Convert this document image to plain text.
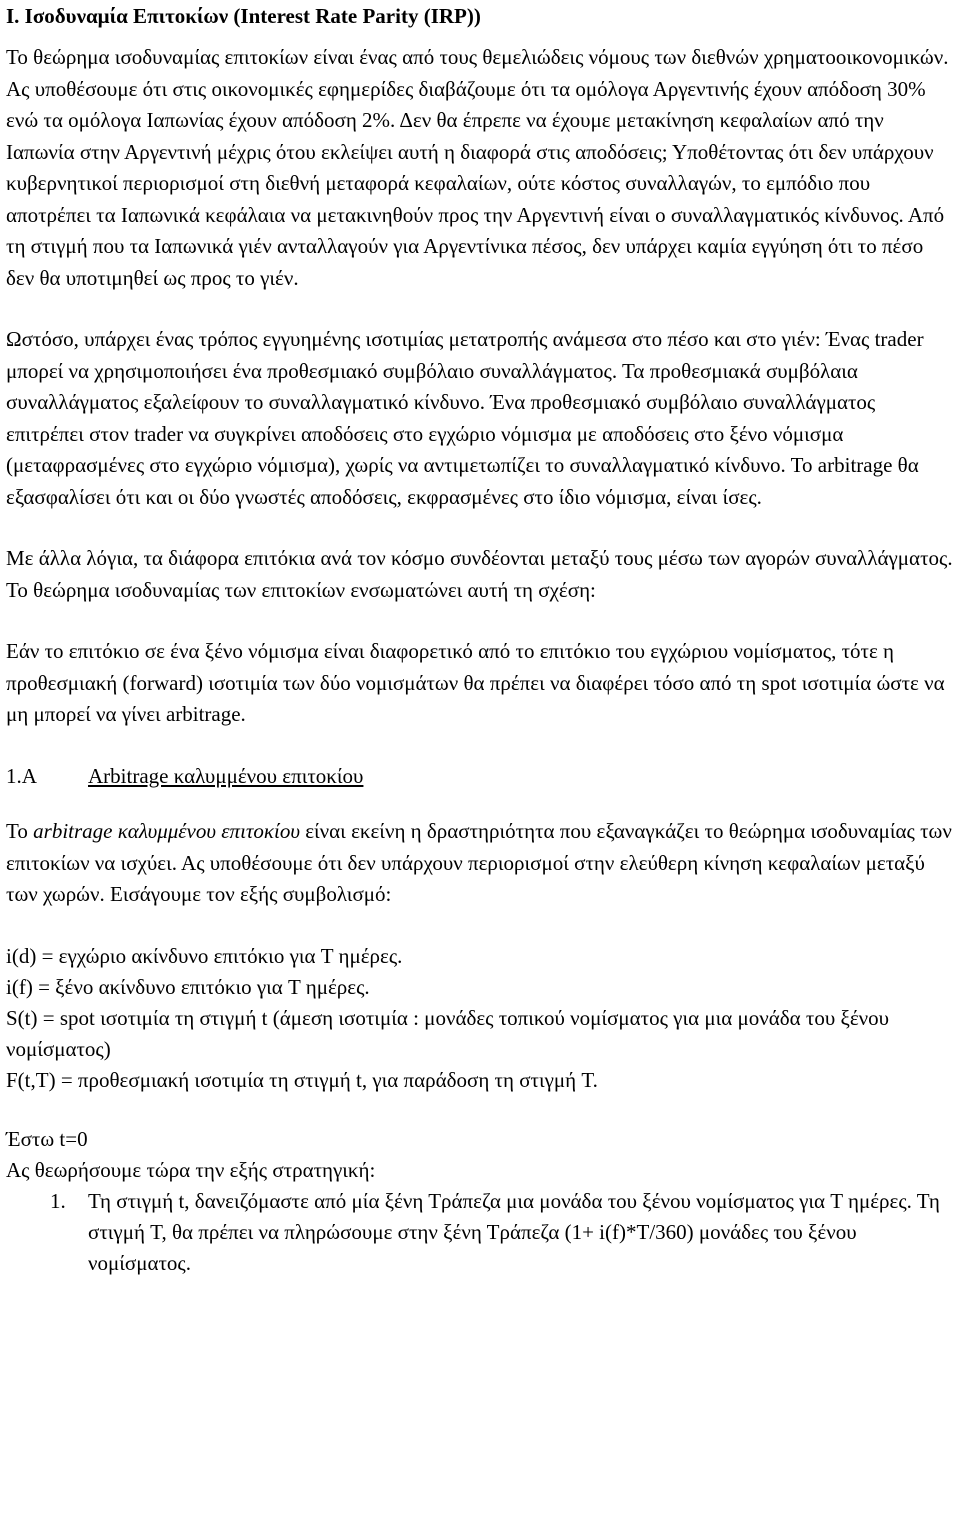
I. Ισοδυναμία Επιτοκίων (Interest Rate Parity (IRP))

Το θεώρημα ισοδυναμίας επιτοκίων είναι ένας από τους θεμελιώδεις νόμους των διεθνών χρηματοοικονομικών. Ας υποθέσουμε ότι στις οικονομικές εφημερίδες διαβάζουμε ότι τα ομόλογα Αργεντινής έχουν απόδοση 30% ενώ τα ομόλογα Ιαπωνίας έχουν απόδοση 2%. Δεν θα έπρεπε να έχουμε μετακίνηση κεφαλαίων από την Ιαπωνία στην Αργεντινή μέχρις ότου εκλείψει αυτή η διαφορά στις αποδόσεις; Υποθέτοντας ότι δεν υπάρχουν κυβερνητικοί περιορισμοί στη διεθνή μεταφορά κεφαλαίων, ούτε κόστος συναλλαγών, το εμπόδιο που αποτρέπει τα Ιαπωνικά κεφάλαια να μετακινηθούν προς την Αργεντινή είναι ο συναλλαγματικός κίνδυνος. Από τη στιγμή που τα Ιαπωνικά γιέν ανταλλαγούν για Αργεντίνικα πέσος, δεν υπάρχει καμία εγγύηση ότι το πέσο δεν θα υποτιμηθεί ως προς το γιέν.

Ωστόσο, υπάρχει ένας τρόπος εγγυημένης ισοτιμίας μετατροπής ανάμεσα στο πέσο και στο γιέν: Ένας trader μπορεί να χρησιμοποιήσει ένα προθεσμιακό συμβόλαιο συναλλάγματος. Τα προθεσμιακά συμβόλαια συναλλάγματος εξαλείφουν το συναλλαγματικό κίνδυνο. Ένα προθεσμιακό συμβόλαιο συναλλάγματος επιτρέπει στον trader να συγκρίνει αποδόσεις στο εγχώριο νόμισμα με αποδόσεις στο ξένο νόμισμα (μεταφρασμένες στο εγχώριο νόμισμα), χωρίς να αντιμετωπίζει το συναλλαγματικό κίνδυνο. Το arbitrage θα εξασφαλίσει ότι και οι δύο γνωστές αποδόσεις, εκφρασμένες στο ίδιο νόμισμα, είναι ίσες.

Με άλλα λόγια, τα διάφορα επιτόκια ανά τον κόσμο συνδέονται μεταξύ τους μέσω των αγορών συναλλάγματος. Το θεώρημα ισοδυναμίας των επιτοκίων ενσωματώνει αυτή τη σχέση:

Εάν το επιτόκιο σε ένα ξένο νόμισμα είναι διαφορετικό από το επιτόκιο του εγχώριου νομίσματος, τότε η προθεσμιακή (forward) ισοτιμία των δύο νομισμάτων θα πρέπει να διαφέρει τόσο από τη spot ισοτιμία ώστε να μη μπορεί να γίνει arbitrage.

1.A	Arbitrage καλυμμένου επιτοκίου

Το arbitrage καλυμμένου επιτοκίου είναι εκείνη η δραστηριότητα που εξαναγκάζει το θεώρημα ισοδυναμίας των επιτοκίων να ισχύει. Ας υποθέσουμε ότι δεν υπάρχουν περιορισμοί στην ελεύθερη κίνηση κεφαλαίων μεταξύ των χωρών. Εισάγουμε τον εξής συμβολισμό:

i(d) = εγχώριο ακίνδυνο επιτόκιο για T ημέρες.
i(f) = ξένο ακίνδυνο επιτόκιο για T ημέρες.
S(t) = spot ισοτιμία τη στιγμή t (άμεση ισοτιμία : μονάδες τοπικού νομίσματος για μια μονάδα του ξένου νομίσματος)
F(t,T) = προθεσμιακή ισοτιμία τη στιγμή t, για παράδοση τη στιγμή T.
Έστω t=0
Ας θεωρήσουμε τώρα την εξής στρατηγική:
1.	Τη στιγμή t, δανειζόμαστε από μία ξένη Τράπεζα μια μονάδα του ξένου νομίσματος για T ημέρες. Τη στιγμή T, θα πρέπει να πληρώσουμε στην ξένη Τράπεζα (1+ i(f)*T/360) μονάδες του ξένου νομίσματος.
